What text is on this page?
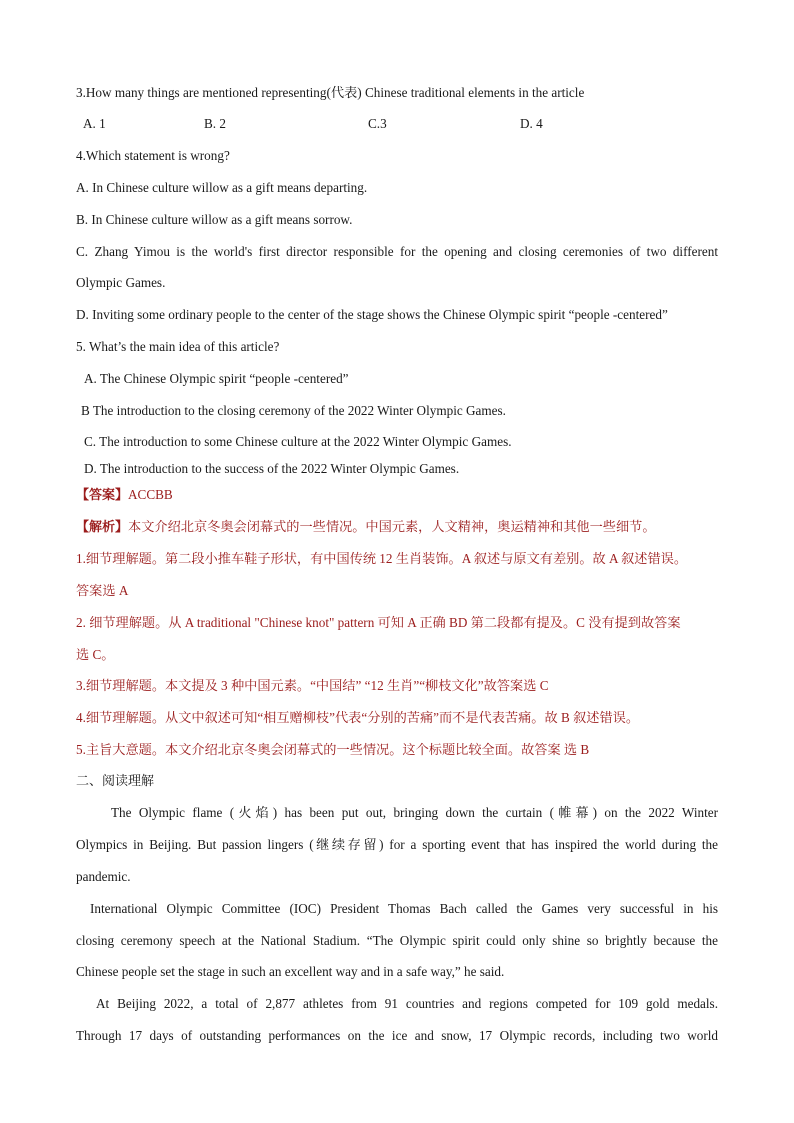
3.How many things are mentioned representing(代表) Chinese traditional elements in the article
A. 1	B. 2	C.3	D. 4
4.Which statement is wrong?
A. In Chinese culture willow as a gift means departing.
B. In Chinese culture willow as a gift means sorrow.
C. Zhang Yimou is the world's first director responsible for the opening and closing ceremonies of two different
Olympic Games.
D. Inviting some ordinary people to the center of the stage shows the Chinese Olympic spirit “people -centered”
5. What’s the main idea of this article?
A. The Chinese Olympic spirit “people -centered”
B The introduction to the closing ceremony of the 2022 Winter Olympic Games.
C. The introduction to some Chinese culture at the 2022 Winter Olympic Games.
D. The introduction to the success of the 2022 Winter Olympic Games.
【答案】ACCBB
【解析】本文介绍北京冬奥会闭幕式的一些情况。中国元素，人文精神，奥运精神和其他一些细节。
1.细节理解题。第二段小推车鞋子形状，有中国传统 12 生肖装饰。A 叙述与原文有差别。故 A 叙述错误。
答案选 A
2. 细节理解题。从 A traditional "Chinese knot" pattern 可知 A 正确 BD 第二段都有提及。C 没有提到故答案
选 C。
3.细节理解题。本文提及 3 种中国元素。“中国结” “12 生肖”“柳枝文化”故答案选 C
4.细节理解题。从文中叙述可知“相互赠柳枝”代表“分别的苦痛”而不是代表苦痛。故 B 叙述错误。
5.主旨大意题。本文介绍北京冬奥会闭幕式的一些情况。这个标题比较全面。故答案 选 B
二、阅读理解
The Olympic flame (火焰) has been put out, bringing down the curtain (帷幕) on the 2022 Winter
Olympics in Beijing. But passion lingers (继续存留) for a sporting event that has inspired the world during the
pandemic.
International Olympic Committee (IOC) President Thomas Bach called the Games very successful in his
closing ceremony speech at the National Stadium. “The Olympic spirit could only shine so brightly because the
Chinese people set the stage in such an excellent way and in a safe way,” he said.
At Beijing 2022, a total of 2,877 athletes from 91 countries and regions competed for 109 gold medals.
Through 17 days of outstanding performances on the ice and snow, 17 Olympic records, including two world
